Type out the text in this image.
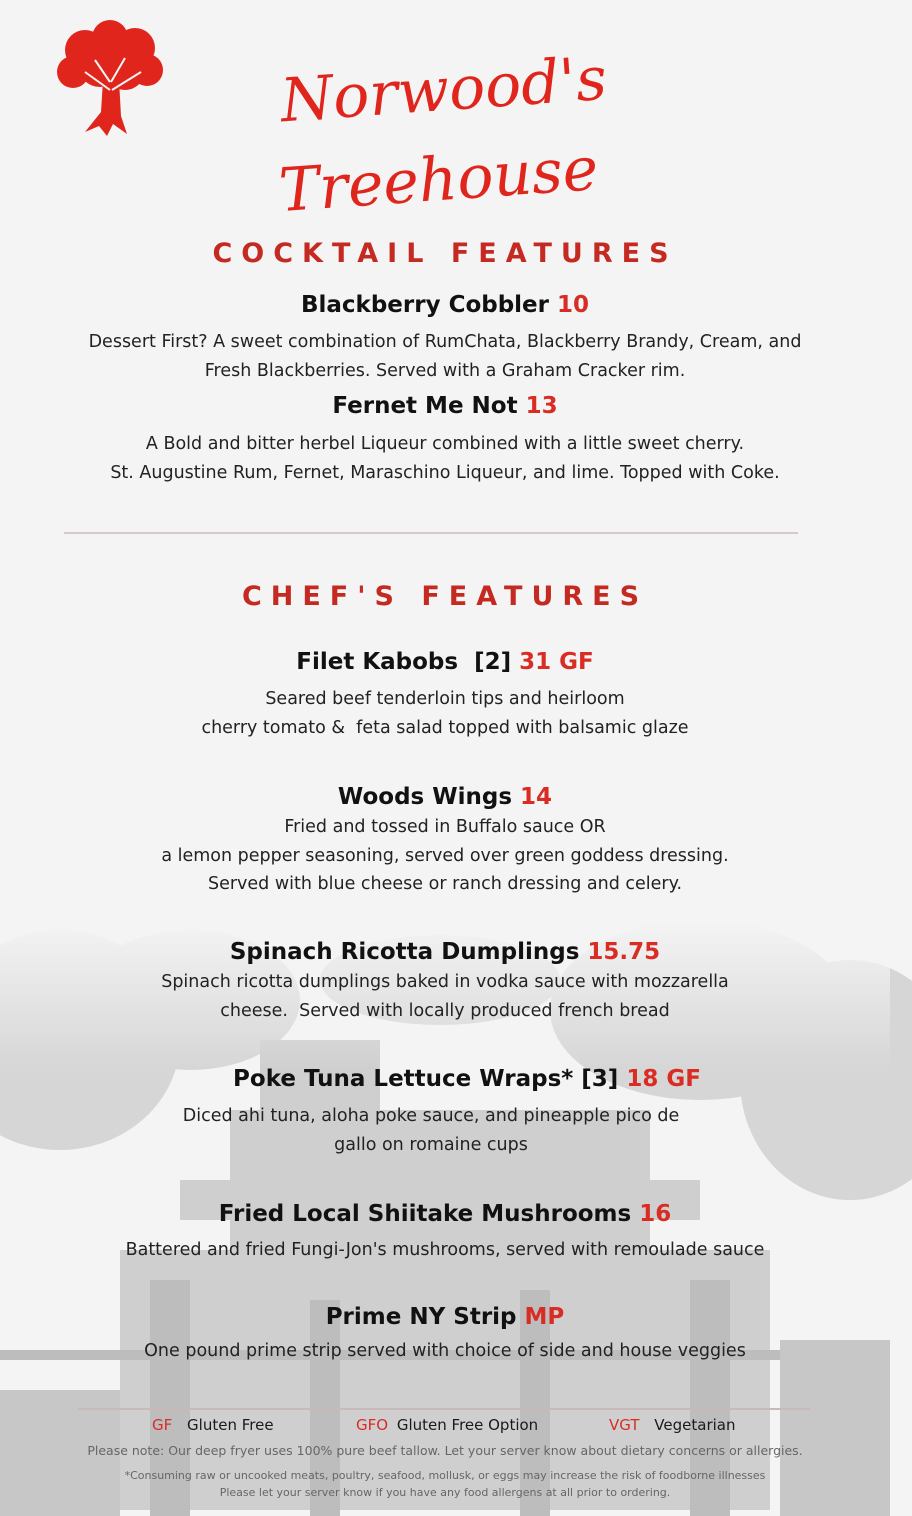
Norwood's
Treehouse
COCKTAIL FEATURES
Blackberry Cobbler 10
Dessert First? A sweet combination of RumChata, Blackberry Brandy, Cream, and
Fresh Blackberries. Served with a Graham Cracker rim.
Fernet Me Not 13
A Bold and bitter herbel Liqueur combined with a little sweet cherry.
St. Augustine Rum, Fernet, Maraschino Liqueur, and lime. Topped with Coke.
CHEF'S FEATURES
Filet Kabobs  [2] 31 GF
Seared beef tenderloin tips and heirloom
cherry tomato &  feta salad topped with balsamic glaze
Woods Wings 14
Fried and tossed in Buffalo sauce OR
a lemon pepper seasoning, served over green goddess dressing.
Served with blue cheese or ranch dressing and celery.
Spinach Ricotta Dumplings 15.75
Spinach ricotta dumplings baked in vodka sauce with mozzarella
cheese.  Served with locally produced french bread
Poke Tuna Lettuce Wraps* [3] 18 GF
Diced ahi tuna, aloha poke sauce, and pineapple pico de
gallo on romaine cups
Fried Local Shiitake Mushrooms 16
Battered and fried Fungi-Jon's mushrooms, served with remoulade sauce
Prime NY Strip MP
One pound prime strip served with choice of side and house veggies
GF Gluten Free	GFO Gluten Free Option	VGT Vegetarian
Please note: Our deep fryer uses 100% pure beef tallow. Let your server know about dietary concerns or allergies.
*Consuming raw or uncooked meats, poultry, seafood, mollusk, or eggs may increase the risk of foodborne illnesses
Please let your server know if you have any food allergens at all prior to ordering.
